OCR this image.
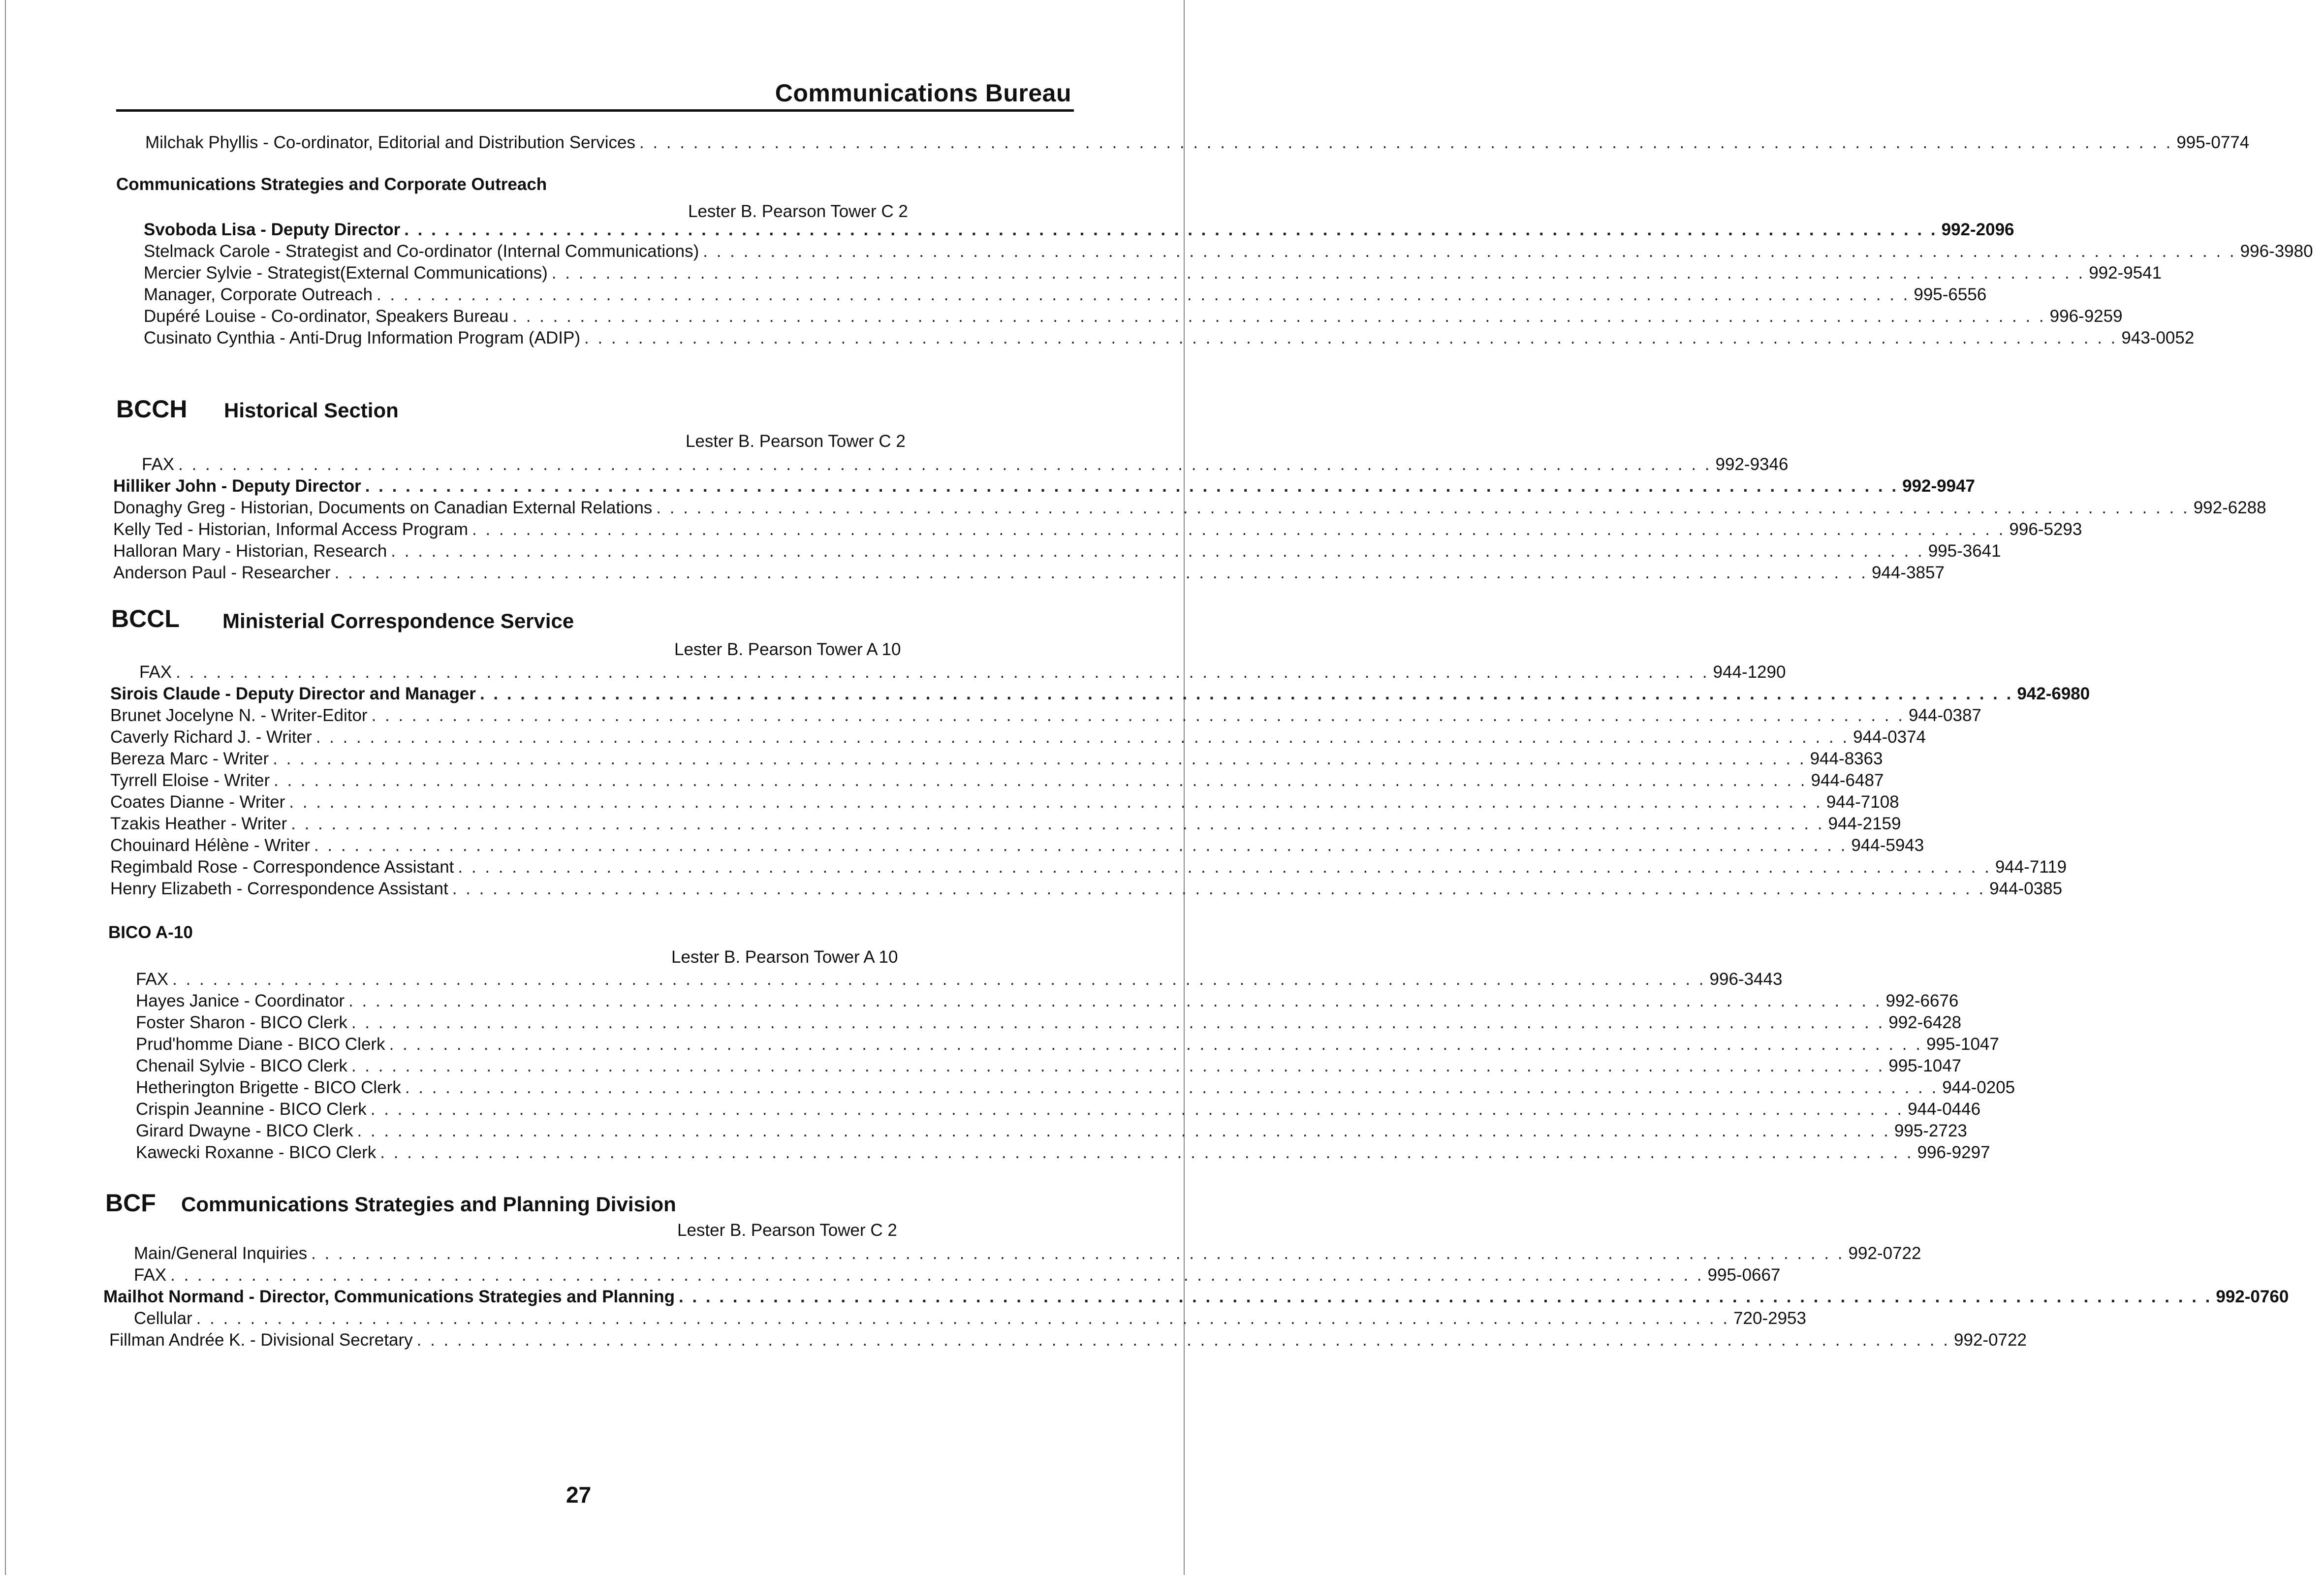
Communications Bureau
Milchak Phyllis - Co-ordinator, Editorial and Distribution Services . . . . . . . . . . . . . . . . . . . . . . . . . . . . . . . . . . . . . . . . . . . . . . . . . . . . . . . . . . . . . . . . . . . . . . . . . . . . . . . . . . . . . . . . . . . . . . . . . . . . . . . . . . . . . . . . . . 995-0774
Communications Strategies and Corporate Outreach
Lester B. Pearson Tower C 2
Svoboda Lisa - Deputy Director . . . . . . . . . . . . . . . . . . . . . . . . . . . . . . . . . . . . . . . . . . . . . . . . . . . . . . . . . . . . . . . . . . . . . . . . . . . . . . . . . . . . . . . . . . . . . . . . . . . . . . . . . . . . . . . . . . 992-2096
Stelmack Carole - Strategist and Co-ordinator (Internal Communications) . . . . . . . . . . . . . . . . . . . . . . . . . . . . . . . . . . . . . . . . . . . . . . . . . . . . . . . . . . . . . . . . . . . . . . . . . . . . . . . . . . . . . . . . . . . . . . . . . . . . . . . . . . . . . . . . . . 996-3980
Mercier Sylvie - Strategist(External Communications) . . . . . . . . . . . . . . . . . . . . . . . . . . . . . . . . . . . . . . . . . . . . . . . . . . . . . . . . . . . . . . . . . . . . . . . . . . . . . . . . . . . . . . . . . . . . . . . . . . . . . . . . . . . . . . . . . . 992-9541
Manager, Corporate Outreach . . . . . . . . . . . . . . . . . . . . . . . . . . . . . . . . . . . . . . . . . . . . . . . . . . . . . . . . . . . . . . . . . . . . . . . . . . . . . . . . . . . . . . . . . . . . . . . . . . . . . . . . . . . . . . . . . . 995-6556
Dupéré Louise - Co-ordinator, Speakers Bureau . . . . . . . . . . . . . . . . . . . . . . . . . . . . . . . . . . . . . . . . . . . . . . . . . . . . . . . . . . . . . . . . . . . . . . . . . . . . . . . . . . . . . . . . . . . . . . . . . . . . . . . . . . . . . . . . . . 996-9259
Cusinato Cynthia - Anti-Drug Information Program (ADIP) . . . . . . . . . . . . . . . . . . . . . . . . . . . . . . . . . . . . . . . . . . . . . . . . . . . . . . . . . . . . . . . . . . . . . . . . . . . . . . . . . . . . . . . . . . . . . . . . . . . . . . . . . . . . . . . . . . 943-0052
BCCH Historical Section
Lester B. Pearson Tower C 2
FAX . . . . . . . . . . . . . . . . . . . . . . . . . . . . . . . . . . . . . . . . . . . . . . . . . . . . . . . . . . . . . . . . . . . . . . . . . . . . . . . . . . . . . . . . . . . . . . . . . . . . . . . . . . . . . . . . . . 992-9346
Hilliker John - Deputy Director . . . . . . . . . . . . . . . . . . . . . . . . . . . . . . . . . . . . . . . . . . . . . . . . . . . . . . . . . . . . . . . . . . . . . . . . . . . . . . . . . . . . . . . . . . . . . . . . . . . . . . . . . . . . . . . . . . 992-9947
Donaghy Greg - Historian, Documents on Canadian External Relations . . . . . . . . . . . . . . . . . . . . . . . . . . . . . . . . . . . . . . . . . . . . . . . . . . . . . . . . . . . . . . . . . . . . . . . . . . . . . . . . . . . . . . . . . . . . . . . . . . . . . . . . . . . . . . . . . . 992-6288
Kelly Ted - Historian, Informal Access Program . . . . . . . . . . . . . . . . . . . . . . . . . . . . . . . . . . . . . . . . . . . . . . . . . . . . . . . . . . . . . . . . . . . . . . . . . . . . . . . . . . . . . . . . . . . . . . . . . . . . . . . . . . . . . . . . . . 996-5293
Halloran Mary - Historian, Research . . . . . . . . . . . . . . . . . . . . . . . . . . . . . . . . . . . . . . . . . . . . . . . . . . . . . . . . . . . . . . . . . . . . . . . . . . . . . . . . . . . . . . . . . . . . . . . . . . . . . . . . . . . . . . . . . . 995-3641
Anderson Paul - Researcher . . . . . . . . . . . . . . . . . . . . . . . . . . . . . . . . . . . . . . . . . . . . . . . . . . . . . . . . . . . . . . . . . . . . . . . . . . . . . . . . . . . . . . . . . . . . . . . . . . . . . . . . . . . . . . . . . . 944-3857
BCCL Ministerial Correspondence Service
Lester B. Pearson Tower A 10
FAX . . . . . . . . . . . . . . . . . . . . . . . . . . . . . . . . . . . . . . . . . . . . . . . . . . . . . . . . . . . . . . . . . . . . . . . . . . . . . . . . . . . . . . . . . . . . . . . . . . . . . . . . . . . . . . . . . . 944-1290
Sirois Claude - Deputy Director and Manager . . . . . . . . . . . . . . . . . . . . . . . . . . . . . . . . . . . . . . . . . . . . . . . . . . . . . . . . . . . . . . . . . . . . . . . . . . . . . . . . . . . . . . . . . . . . . . . . . . . . . . . . . . . . . . . . . . 942-6980
Brunet Jocelyne N. - Writer-Editor . . . . . . . . . . . . . . . . . . . . . . . . . . . . . . . . . . . . . . . . . . . . . . . . . . . . . . . . . . . . . . . . . . . . . . . . . . . . . . . . . . . . . . . . . . . . . . . . . . . . . . . . . . . . . . . . . . 944-0387
Caverly Richard J. - Writer . . . . . . . . . . . . . . . . . . . . . . . . . . . . . . . . . . . . . . . . . . . . . . . . . . . . . . . . . . . . . . . . . . . . . . . . . . . . . . . . . . . . . . . . . . . . . . . . . . . . . . . . . . . . . . . . . . 944-0374
Bereza Marc - Writer . . . . . . . . . . . . . . . . . . . . . . . . . . . . . . . . . . . . . . . . . . . . . . . . . . . . . . . . . . . . . . . . . . . . . . . . . . . . . . . . . . . . . . . . . . . . . . . . . . . . . . . . . . . . . . . . . . 944-8363
Tyrrell Eloise - Writer . . . . . . . . . . . . . . . . . . . . . . . . . . . . . . . . . . . . . . . . . . . . . . . . . . . . . . . . . . . . . . . . . . . . . . . . . . . . . . . . . . . . . . . . . . . . . . . . . . . . . . . . . . . . . . . . . . 944-6487
Coates Dianne - Writer . . . . . . . . . . . . . . . . . . . . . . . . . . . . . . . . . . . . . . . . . . . . . . . . . . . . . . . . . . . . . . . . . . . . . . . . . . . . . . . . . . . . . . . . . . . . . . . . . . . . . . . . . . . . . . . . . . 944-7108
Tzakis Heather - Writer . . . . . . . . . . . . . . . . . . . . . . . . . . . . . . . . . . . . . . . . . . . . . . . . . . . . . . . . . . . . . . . . . . . . . . . . . . . . . . . . . . . . . . . . . . . . . . . . . . . . . . . . . . . . . . . . . . 944-2159
Chouinard Hélène - Writer . . . . . . . . . . . . . . . . . . . . . . . . . . . . . . . . . . . . . . . . . . . . . . . . . . . . . . . . . . . . . . . . . . . . . . . . . . . . . . . . . . . . . . . . . . . . . . . . . . . . . . . . . . . . . . . . . . 944-5943
Regimbald Rose - Correspondence Assistant . . . . . . . . . . . . . . . . . . . . . . . . . . . . . . . . . . . . . . . . . . . . . . . . . . . . . . . . . . . . . . . . . . . . . . . . . . . . . . . . . . . . . . . . . . . . . . . . . . . . . . . . . . . . . . . . . . 944-7119
Henry Elizabeth - Correspondence Assistant . . . . . . . . . . . . . . . . . . . . . . . . . . . . . . . . . . . . . . . . . . . . . . . . . . . . . . . . . . . . . . . . . . . . . . . . . . . . . . . . . . . . . . . . . . . . . . . . . . . . . . . . . . . . . . . . . . 944-0385
BICO A-10
Lester B. Pearson Tower A 10
FAX . . . . . . . . . . . . . . . . . . . . . . . . . . . . . . . . . . . . . . . . . . . . . . . . . . . . . . . . . . . . . . . . . . . . . . . . . . . . . . . . . . . . . . . . . . . . . . . . . . . . . . . . . . . . . . . . . . 996-3443
Hayes Janice - Coordinator . . . . . . . . . . . . . . . . . . . . . . . . . . . . . . . . . . . . . . . . . . . . . . . . . . . . . . . . . . . . . . . . . . . . . . . . . . . . . . . . . . . . . . . . . . . . . . . . . . . . . . . . . . . . . . . . . . 992-6676
Foster Sharon - BICO Clerk . . . . . . . . . . . . . . . . . . . . . . . . . . . . . . . . . . . . . . . . . . . . . . . . . . . . . . . . . . . . . . . . . . . . . . . . . . . . . . . . . . . . . . . . . . . . . . . . . . . . . . . . . . . . . . . . . . 992-6428
Prud'homme Diane - BICO Clerk . . . . . . . . . . . . . . . . . . . . . . . . . . . . . . . . . . . . . . . . . . . . . . . . . . . . . . . . . . . . . . . . . . . . . . . . . . . . . . . . . . . . . . . . . . . . . . . . . . . . . . . . . . . . . . . . . . 995-1047
Chenail Sylvie - BICO Clerk . . . . . . . . . . . . . . . . . . . . . . . . . . . . . . . . . . . . . . . . . . . . . . . . . . . . . . . . . . . . . . . . . . . . . . . . . . . . . . . . . . . . . . . . . . . . . . . . . . . . . . . . . . . . . . . . . . 995-1047
Hetherington Brigette - BICO Clerk . . . . . . . . . . . . . . . . . . . . . . . . . . . . . . . . . . . . . . . . . . . . . . . . . . . . . . . . . . . . . . . . . . . . . . . . . . . . . . . . . . . . . . . . . . . . . . . . . . . . . . . . . . . . . . . . . . 944-0205
Crispin Jeannine - BICO Clerk . . . . . . . . . . . . . . . . . . . . . . . . . . . . . . . . . . . . . . . . . . . . . . . . . . . . . . . . . . . . . . . . . . . . . . . . . . . . . . . . . . . . . . . . . . . . . . . . . . . . . . . . . . . . . . . . . . 944-0446
Girard Dwayne - BICO Clerk . . . . . . . . . . . . . . . . . . . . . . . . . . . . . . . . . . . . . . . . . . . . . . . . . . . . . . . . . . . . . . . . . . . . . . . . . . . . . . . . . . . . . . . . . . . . . . . . . . . . . . . . . . . . . . . . . . 995-2723
Kawecki Roxanne - BICO Clerk . . . . . . . . . . . . . . . . . . . . . . . . . . . . . . . . . . . . . . . . . . . . . . . . . . . . . . . . . . . . . . . . . . . . . . . . . . . . . . . . . . . . . . . . . . . . . . . . . . . . . . . . . . . . . . . . . . 996-9297
BCF Communications Strategies and Planning Division
Lester B. Pearson Tower C 2
Main/General Inquiries . . . . . . . . . . . . . . . . . . . . . . . . . . . . . . . . . . . . . . . . . . . . . . . . . . . . . . . . . . . . . . . . . . . . . . . . . . . . . . . . . . . . . . . . . . . . . . . . . . . . . . . . . . . . . . . . . . 992-0722
FAX . . . . . . . . . . . . . . . . . . . . . . . . . . . . . . . . . . . . . . . . . . . . . . . . . . . . . . . . . . . . . . . . . . . . . . . . . . . . . . . . . . . . . . . . . . . . . . . . . . . . . . . . . . . . . . . . . . 995-0667
Mailhot Normand - Director, Communications Strategies and Planning . . . . . . . . . . . . . . . . . . . . . . . . . . . . . . . . . . . . . . . . . . . . . . . . . . . . . . . . . . . . . . . . . . . . . . . . . . . . . . . . . . . . . . . . . . . . . . . . . . . . . . . . . . . . . . . . . . 992-0760
Cellular . . . . . . . . . . . . . . . . . . . . . . . . . . . . . . . . . . . . . . . . . . . . . . . . . . . . . . . . . . . . . . . . . . . . . . . . . . . . . . . . . . . . . . . . . . . . . . . . . . . . . . . . . . . . . . . . . . 720-2953
Fillman Andrée K. - Divisional Secretary . . . . . . . . . . . . . . . . . . . . . . . . . . . . . . . . . . . . . . . . . . . . . . . . . . . . . . . . . . . . . . . . . . . . . . . . . . . . . . . . . . . . . . . . . . . . . . . . . . . . . . . . . . . . . . . . . . 992-0722
27
